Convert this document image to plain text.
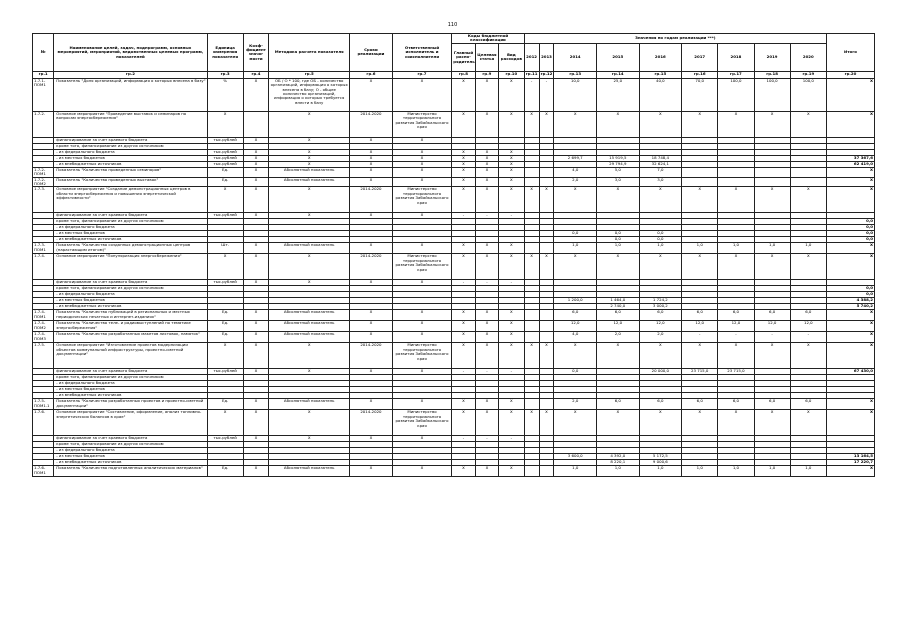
110
№	Наименование целей, задач, подпрограмм, основных мероприятий, мероприятий, ведомственных целевых программ, показателей	Единица измерения показателя	Коэф-фициент значи-мости	Методика расчета показателя	Сроки реализации	Ответственный исполнитель и соисполнители	Коды бюджетной классификации			Значения по годам реализации ***)									Итого
							Главный распо-рядитель	Целевая статья	Вид расходов	2012	2013	2014	2015	2016	2017	2018	2019	2020	
гр.1	гр.2	гр.3	гр.4	гр.5	гр.6	гр.7	гр.8	гр.9	гр.10	гр.11	гр.12	гр.13	гр.14	гр.15	гр.16	гр.17	гр.18	гр.19	гр.20
1.7.1-ПОМ1	Показатель "Доля организаций, информация о которых внесена в базу"	%	X	ОБ / О * 100, где ОБ - количество организаций, информация о которых внесена в базу; О - общее количество организаций, информация о которых требуется внести в базу	X	X	X	X	X	-	-	10,0	25,0	40,0	70,0	100,0	100,0	100,0	X
1.7.2.	Основное мероприятие "Проведение выставок и семинаров по вопросам энергосбережения"	X		X	2014-2020	Министерство территориального развития Забайкальского края	X	X	X	X	X	X	X	X	X	X	X	X	X
	финансирование за счет краевого бюджета	тыс.рублей	X	X	X	X													
	кроме того, финансирование из других источников:																		
	- из федерального бюджета	тыс.рублей	X	X	X	X	X	X	X										
	- из местных бюджетов	тыс.рублей	X	X	X	X	X	X	X			2 699,7	15 919,5	18 748,4					37 367,6
	- из внебюджетных источников	тыс.рублей	X	X	X	X	X	X	X				29 794,9	32 624,1					62 419,0
1.7.2-ПОМ1	Показатель "Количество проведенных семинаров"	Ед.	X	Абсолютный показатель	X	X	X	X	X			4,0	5,0	7,0					X
1.7.2-ПОМ2	Показатель "Количество проведенных выставок"	Ед.	X	Абсолютный показатель	X	X	X	X	X			2,0	3,0	3,0					X
1.7.3.	Основное мероприятие "Создание демонстрационных центров в области энергосбережения и повышения энергетической эффективности"	X	X	X	2014-2020	Министерство территориального развития Забайкальского края	X	X	X	X	X	X	X	X	X	X	X	X	X
	финансирование за счет краевого бюджета	тыс.рублей	X	X	X	X	-	-	-										
	кроме того, финансирование из других источников:																		0,0
	- из федерального бюджета																		0,0
	- из местных бюджетов											0,0	0,0	0,0					0,0
	- из внебюджетных источников												0,0	0,0					0,0
1.7.3-ПОМ1	Показатель "Количество созданных демонстрационных центров (нарастающим итогом)"	Шт.	X	Абсолютный показатель	X	X	X	X	X			1,0	1,0	1,0	1,0	1,0	1,0	1,0	X
1.7.4.	Основное мероприятие "Популяризация энергосбережения"	X	X	X	2014-2020	Министерство территориального развития Забайкальского края	X	X	X	X	X	X	X	X	X	X	X	X	X
	финансирование за счет краевого бюджета	тыс.рублей	X	X	X	X	-	-	-										
	кроме того, финансирование из других источников:																		0,0
	- из федерального бюджета																		0,0
	- из местных бюджетов											1 200,0	1 464,0	1 724,2					4 388,2
	- из внебюджетных источников												2 740,0	3 000,2					5 740,2
1.7.4-ПОМ1	Показатель "Количество публикаций в региональных и местных периодических печатных и интернет-изданиях"	Ед.	X	Абсолютный показатель	X	X	X	X	X			6,0	6,0	6,0	6,0	6,0	6,0	6,0	X
1.7.4-ПОМ2	Показатель "Количество теле- и радиовыступлений по тематике энергосбережения"	Ед.	X	Абсолютный показатель	X	X	X	X	X			12,0	12,0	12,0	12,0	12,0	12,0	12,0	X
1.7.4-ПОМ3	Показатель "Количество разработанных макетов листовок, памяток"	Ед.	X	Абсолютный показатель	X	X	X	X	X			4,0	2,0	2,0	-	-	-	-	X
1.7.5.	Основное мероприятие "Изготовление проектов модернизации объектов коммунальной инфраструктуры, проектно-сметной документации"	X	X	X	2014-2020	Министерство территориального развития Забайкальского края	X	X	X	X	X	X	X	X	X	X	X	X	X
	финансирование за счет краевого бюджета	тыс.рублей	X	X	X	X	-	-	-			0,0		20 000,0	23 715,0	23 715,0			67 430,0
	кроме того, финансирование из других источников:																		
	- из федерального бюджета																		
	- из местных бюджетов																		
	- из внебюджетных источников																		
1.7.5-ПОМ1.1	Показатель "Количество разработанных проектов и проектно-сметной документации"	Ед.	X	Абсолютный показатель	X	X	X	X	X			2,0	6,0	6,0	6,0	6,0	6,0	6,0	X
1.7.6.	Основное мероприятие "Составление, оформление, анализ топливно-энергетических балансов в крае"	X	X	X	2014-2020	Министерство территориального развития Забайкальского края	X	X	X	X	X	X	X	X	X	X	X	X	X
	финансирование за счет краевого бюджета	тыс.рублей	X	X	X	X	-	-	-										
	кроме того, финансирование из других источников:																		
	- из федерального бюджета																		
	- из местных бюджетов											3 600,0	4 392,0	5 172,5					13 164,5
	- из внебюджетных источников												8 220,1	9 000,6					17 220,7
1.7.6-ПОМ1	Показатель "Количество подготовленных аналитических материалов"	Ед.	X	Абсолютный показатель	X	X	X	X	X			1,0	1,0	1,0	1,0	1,0	1,0	1,0	X
